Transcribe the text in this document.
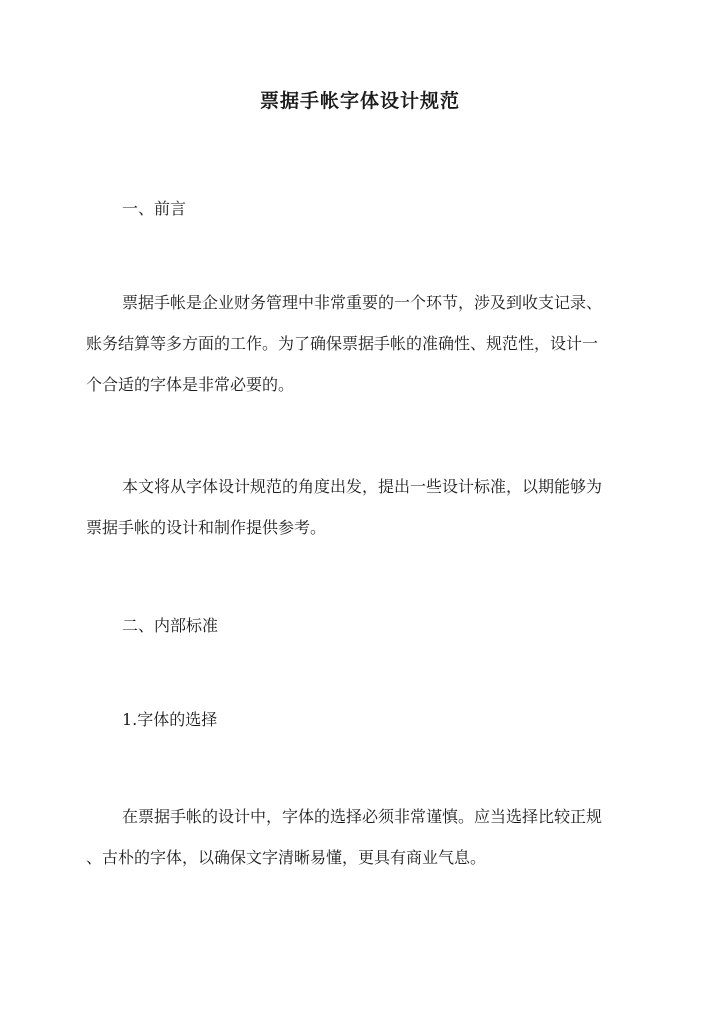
票据手帐字体设计规范
一、前言
票据手帐是企业财务管理中非常重要的一个环节，涉及到收支记录、
账务结算等多方面的工作。为了确保票据手帐的准确性、规范性，设计一
个合适的字体是非常必要的。
本文将从字体设计规范的角度出发，提出一些设计标准，以期能够为
票据手帐的设计和制作提供参考。
二、内部标准
1.字体的选择
在票据手帐的设计中，字体的选择必须非常谨慎。应当选择比较正规
、古朴的字体，以确保文字清晰易懂，更具有商业气息。
